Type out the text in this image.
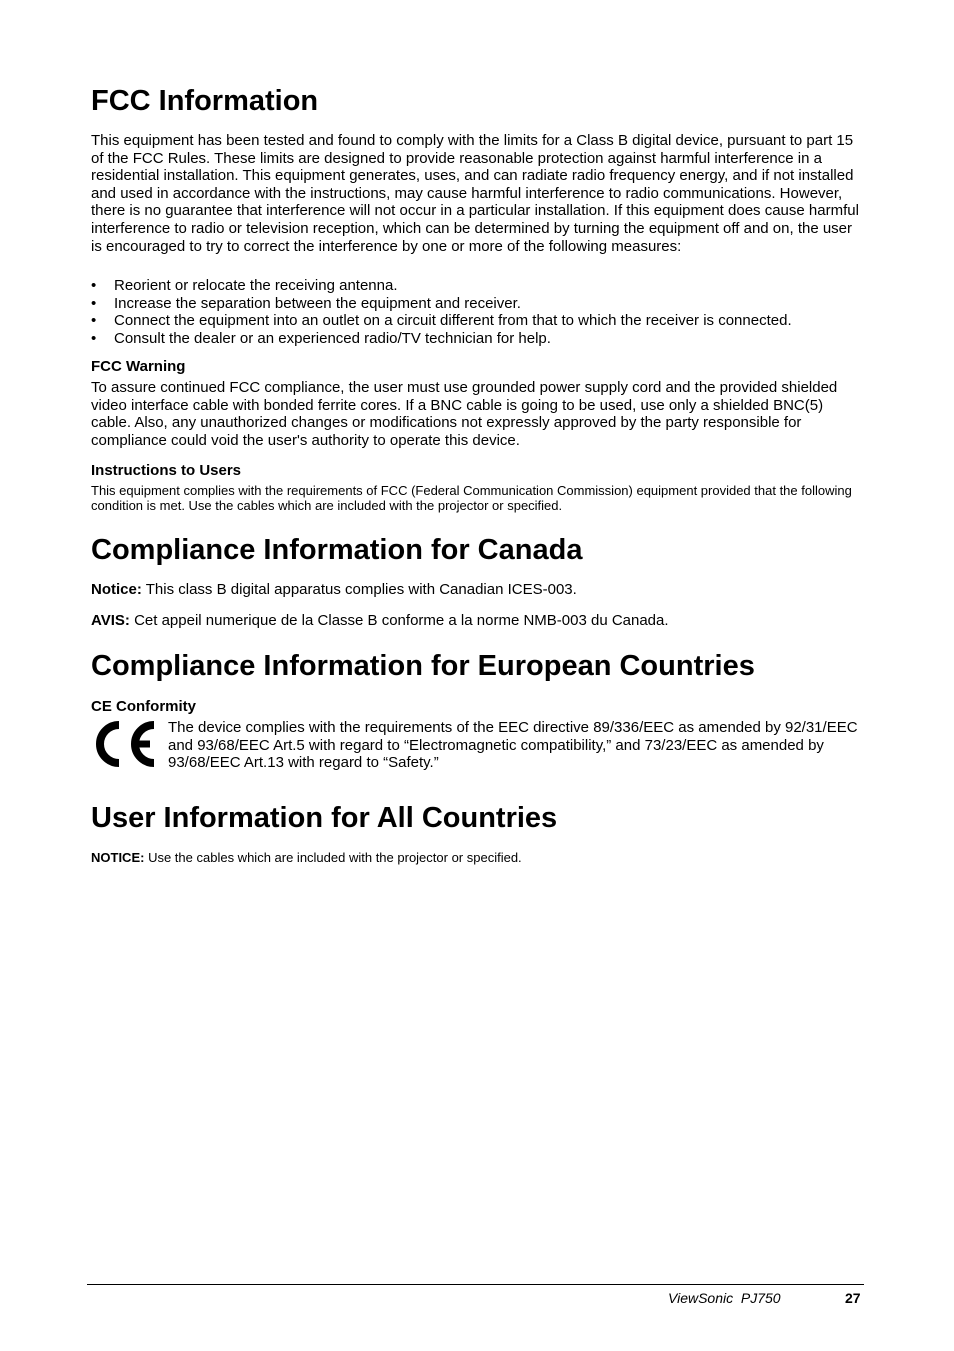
FCC Information

This equipment has been tested and found to comply with the limits for a Class B digital device, pursuant to part 15 of the FCC Rules. These limits are designed to provide reasonable protection against harmful interference in a residential installation. This equipment generates, uses, and can radiate radio frequency energy, and if not installed and used in accordance with the instructions, may cause harmful interference to radio communications. However, there is no guarantee that interference will not occur in a particular installation. If this equipment does cause harmful interference to radio or television reception, which can be determined by turning the equipment off and on, the user is encouraged to try to correct the interference by one or more of the following measures:

• Reorient or relocate the receiving antenna.
• Increase the separation between the equipment and receiver.
• Connect the equipment into an outlet on a circuit different from that to which the receiver is connected.
• Consult the dealer or an experienced radio/TV technician for help.

FCC Warning

To assure continued FCC compliance, the user must use grounded power supply cord and the provided shielded video interface cable with bonded ferrite cores. If a BNC cable is going to be used, use only a shielded BNC(5) cable. Also, any unauthorized changes or modifications not expressly approved by the party responsible for compliance could void the user's authority to operate this device.

Instructions to Users

This equipment complies with the requirements of FCC (Federal Communication Commission) equipment provided that the following condition is met. Use the cables which are included with the projector or specified.

Compliance Information for Canada

Notice: This class B digital apparatus complies with Canadian ICES-003.

AVIS: Cet appeil numerique de la Classe B conforme a la norme NMB-003 du Canada.

Compliance Information for European Countries

CE Conformity

The device complies with the requirements of the EEC directive 89/336/EEC as amended by 92/31/EEC and 93/68/EEC Art.5 with regard to “Electromagnetic compatibility,” and 73/23/EEC as amended by 93/68/EEC Art.13 with regard to “Safety.”

User Information for All Countries

NOTICE: Use the cables which are included with the projector or specified.

ViewSonic  PJ750	27
